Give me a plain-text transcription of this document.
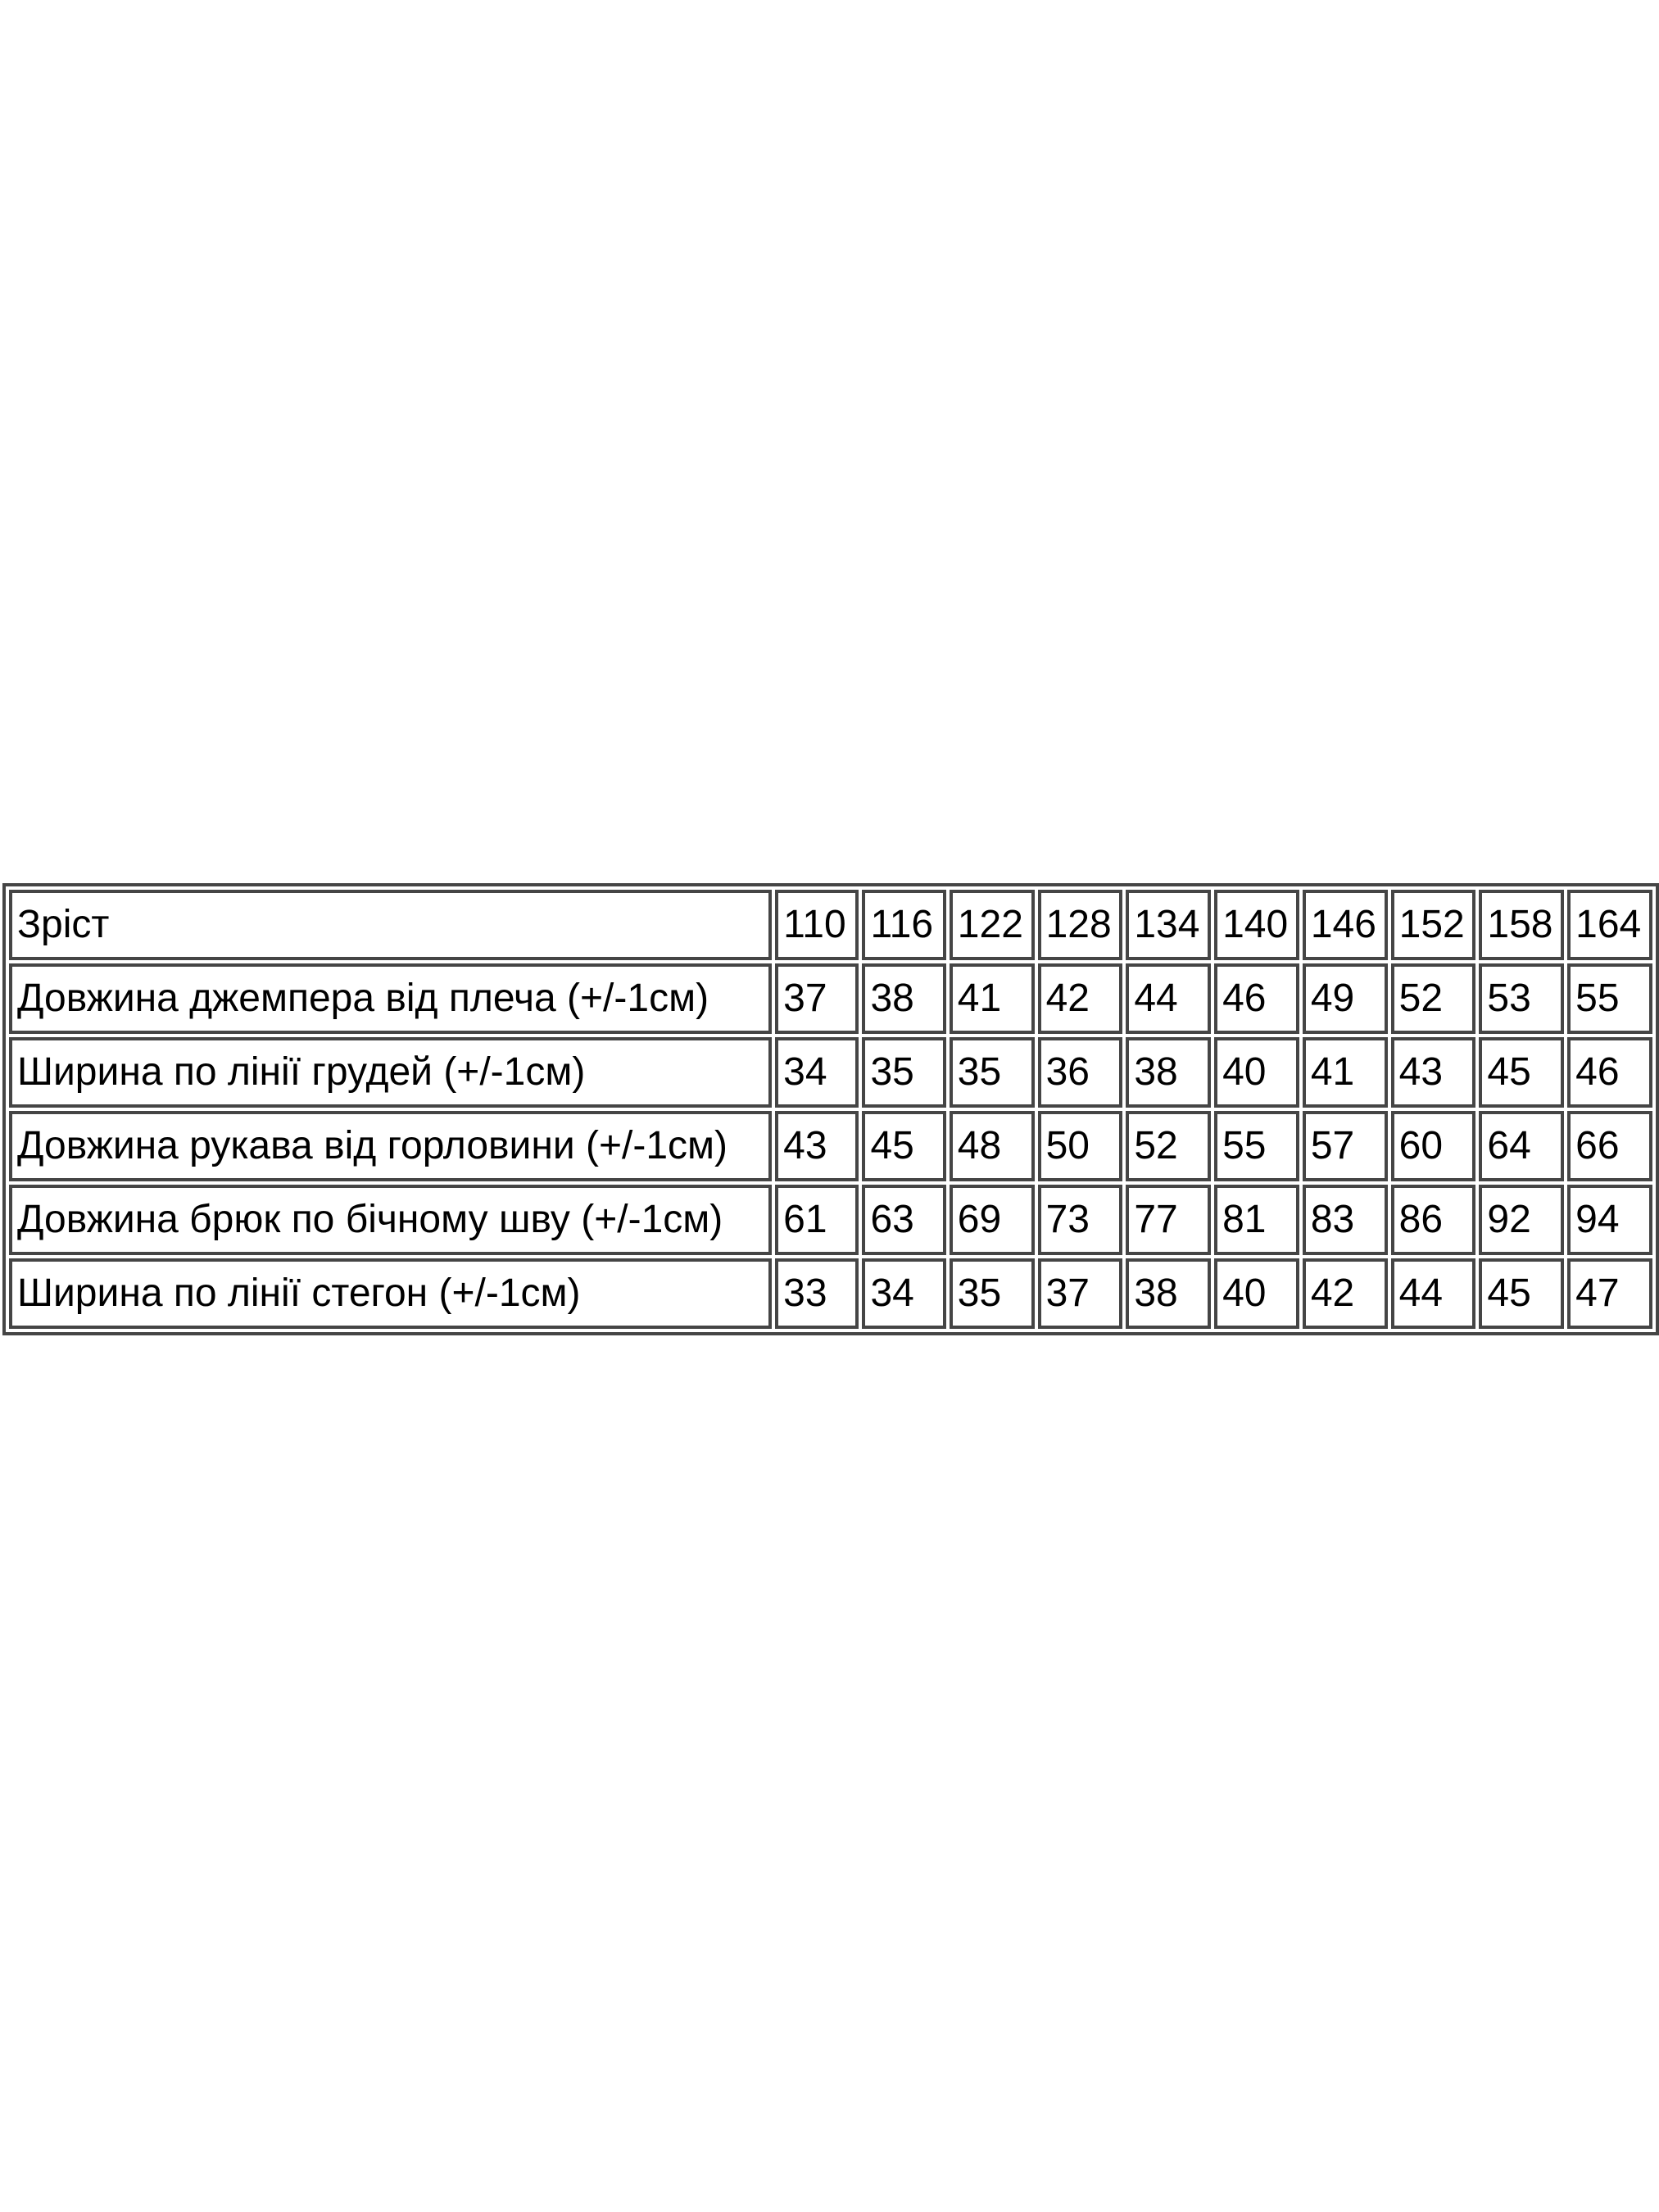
Зріст	110	116	122	128	134	140	146	152	158	164
Довжина джемпера від плеча (+/-1см)	37	38	41	42	44	46	49	52	53	55
Ширина по лінії грудей (+/-1см)	34	35	35	36	38	40	41	43	45	46
Довжина рукава від горловини (+/-1см)	43	45	48	50	52	55	57	60	64	66
Довжина брюк по бічному шву (+/-1см)	61	63	69	73	77	81	83	86	92	94
Ширина по лінії стегон (+/-1см)	33	34	35	37	38	40	42	44	45	47
